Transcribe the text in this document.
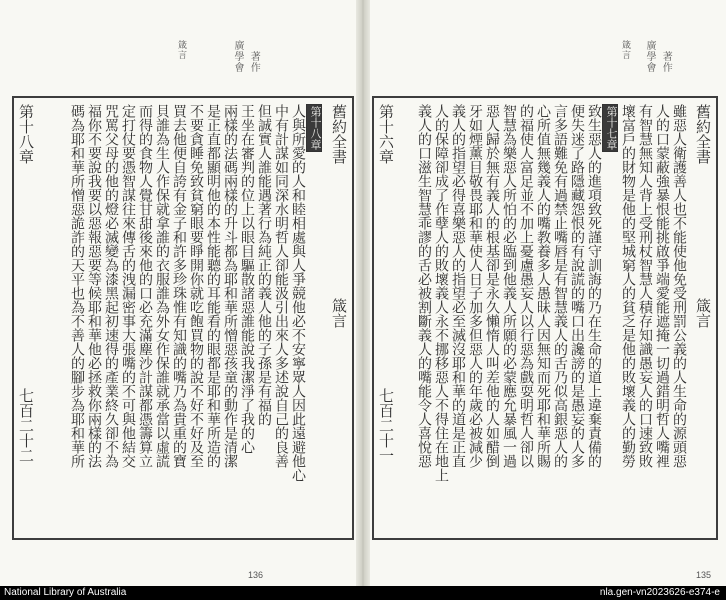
廣學會 著作
箴言
舊約全書
箴言
第十八章
人與所愛的人和睦相處與人爭競他必不安寧眾人因此遠避他心
中有計謀如同深水明哲人卻能汲引出來人多述說自己的良善
但誠實人誰能遇著行為純正的義人他的子孫是有福的
王坐在審判的位上以眼目驅散諸惡誰能說我潔淨了我的心
兩樣的法碼兩樣的升斗都為耶和華所憎惡孩童的動作是清潔
是正直都顯明他的本性能聽的耳能看的眼都是耶和華所造的
不要貪睡免致貧窮眼要睜開你就吃飽買物的說不好不好及至
買去他便自誇有金子和許多珍珠惟有知識的嘴乃為貴重的寶
貝誰為生人作保就拿誰的衣服誰為外女作保誰就承當以虛謊
而得的食物人覺甘甜後來他的口必充滿塵沙計謀都憑籌算立
定打仗要憑智謀往來傳舌的洩漏密事大張嘴的不可與他結交
咒罵父母的他的燈必滅變為漆黑起初速得的產業終久卻不為
福你不要說我要以惡報惡要等候耶和華他必拯救你兩樣的法
碼為耶和華所憎惡詭詐的天平也為不善人的腳步為耶和華所
第十八章
七百二十二
136
廣學會 著作
箴言
舊約全書
箴言
雖惡人衛護善人也不能使他免受刑罰公義的人生命的源頭惡
人的口蒙蔽強暴恨能挑啟爭端愛能遮掩一切過錯明哲人嘴裡
有智慧無知人背上受刑杖智慧人積存知識愚妄人的口速致敗
壞富戶的財物是他的堅城窮人的貧乏是他的敗壞義人的勤勞
第十七章
致生惡人的進項致死謹守訓誨的乃在生命的道上違棄責備的
便失迷了路隱藏怨恨的有說謊的嘴口出讒謗的是愚妄的人多
言多語難免有過禁止嘴唇是有智慧義人的舌乃似高銀惡人的
心所值無幾義人的嘴教養多人愚昧人因無知而死耶和華所賜
的福使人富足並不加上憂慮愚妄人以行惡為戲耍明哲人卻以
智慧為樂惡人所怕的必臨到他義人所願的必蒙應允暴風一過
惡人歸於無有義人的根基卻是永久懶惰人叫差他的人如醋倒
牙如煙薰目敬畏耶和華使人日子加多但惡人的年歲必被減少
義人的指望必得喜樂惡人的指望必至滅沒耶和華的道是正直
人的保障卻成了作孽人的敗壞義人永不挪移惡人不得住在地上
義人的口滋生智慧乖謬的舌必被割斷義人的嘴能令人喜悅惡
第十六章
七百二十一
135
National Library of Australia	nla.gen-vn2023626-e374-e
